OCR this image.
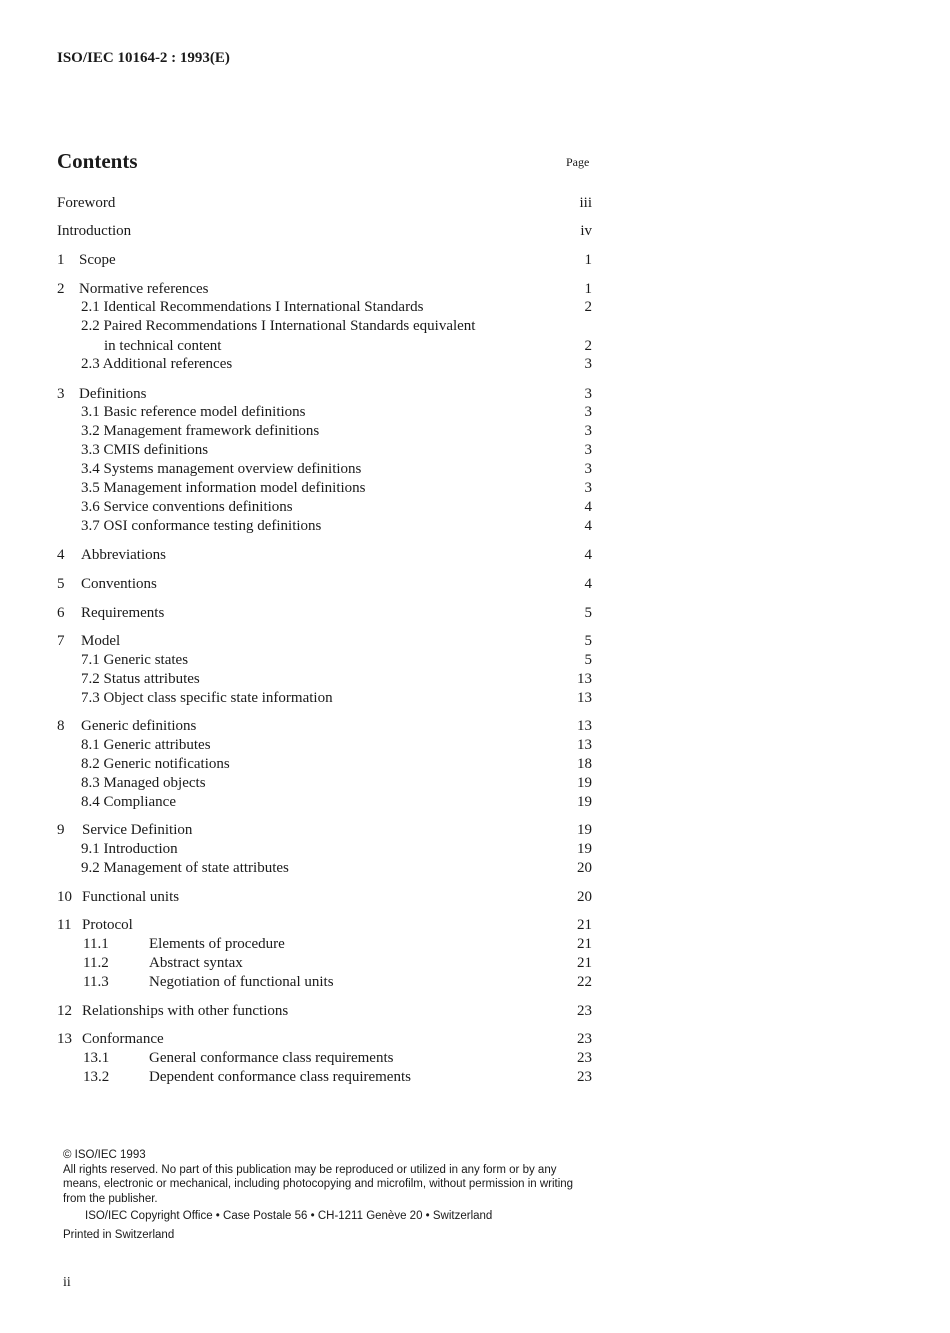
ISO/IEC 10164-2 : 1993(E)
Contents	Page
Foreword	iii
Introduction	iv
1 Scope	1
2 Normative references	1
2.1 Identical Recommendations I International Standards	2
2.2 Paired Recommendations I International Standards equivalent
in technical content	2
2.3 Additional references	3
3 Definitions	3
3.1 Basic reference model definitions	3
3.2 Management framework definitions	3
3.3 CMIS definitions	3
3.4 Systems management overview definitions	3
3.5 Management information model definitions	3
3.6 Service conventions definitions	4
3.7 OSI conformance testing definitions	4
4 Abbreviations	4
5 Conventions	4
6 Requirements	5
7 Model	5
7.1 Generic states	5
7.2 Status attributes	13
7.3 Object class specific state information	13
8 Generic definitions	13
8.1 Generic attributes	13
8.2 Generic notifications	18
8.3 Managed objects	19
8.4 Compliance	19
9 Service Definition	19
9.1 Introduction	19
9.2 Management of state attributes	20
10 Functional units	20
11 Protocol	21
11.1	Elements of procedure	21
11.2	Abstract syntax	21
11.3	Negotiation of functional units	22
12 Relationships with other functions	23
13 Conformance	23
13.1	General conformance class requirements	23
13.2	Dependent conformance class requirements	23

© ISO/IEC 1993

All rights reserved. No part of this publication may be reproduced or utilized in any form or by any means, electronic or mechanical, including photocopying and microfilm, without permission in writing from the publisher.

ISO/IEC Copyright Office • Case Postale 56 • CH-1211 Genève 20 • Switzerland

Printed in Switzerland

ii
